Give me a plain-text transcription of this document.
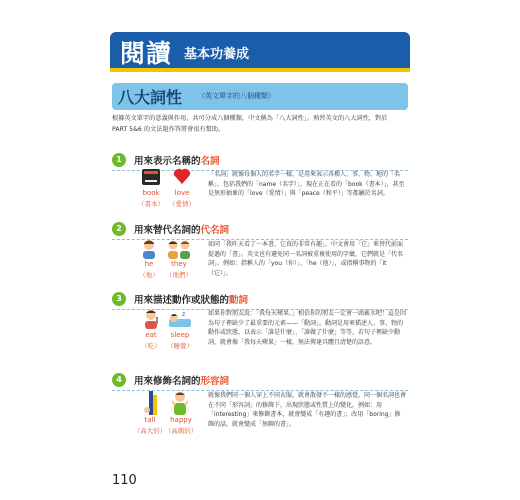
閱讀 基本功養成
八大詞性 （英文單字的八個種類）
根據英文單字的意義與作用，共可分成八個種類，中文稱為「八大詞性」。熟習英文的八大詞性，對於 PART 5&6 的文法題作答將會很有幫助。
1	用來表示名稱的名詞
book	love
（書本） （愛情）
「名詞」就像每個人的名字一樣，是用來表示各種人、事、物、地的「名稱」，包括我們的「name（名字）」，現在正在看的「book（書本）」，甚至是無形抽象的「love（愛情）」與「peace（和平）」等都屬於名詞。
2	用來替代名詞的代名詞
he	they
（他）	（他們）
如同「我昨天看了一本書，它真的非常有趣」，中文會用「它」來替代前面提過的「書」。英文也有避免同一名詞被重複使用的字彙，它們就是「代名詞」。例如：指稱人的「you（你）」、「he（他）」，或指稱事物的「it（它）」。
3	用來描述動作或狀態的動詞
z
eat	sleep
（吃） （睡覺）
如果你對朋友說：「我每天蘋果。」相信你的朋友一定會一頭霧水吧！這是因為句子裡缺少了最重要的元素——「動詞」。動詞是用來描述人、事、物的動作或狀態，以表示「誰是什麼」、「誰做了什麼」等等，若句子裡缺少動詞，就會像「我每天蘋果」一樣，無法傳達具體且清楚的語意。
4	用來修飾名詞的形容詞
tall	happy
（高大的）
（高興的）
就像我們同一個人穿上不同衣服，就會散發不一樣的感覺，同一個名詞也會在不同「形容詞」的修飾下，出現狀態或性質上的變化。例如：用「interesting」來修飾書本，就會變成「有趣的書」；改用「boring」修飾的話，就會變成「無聊的書」。
110
